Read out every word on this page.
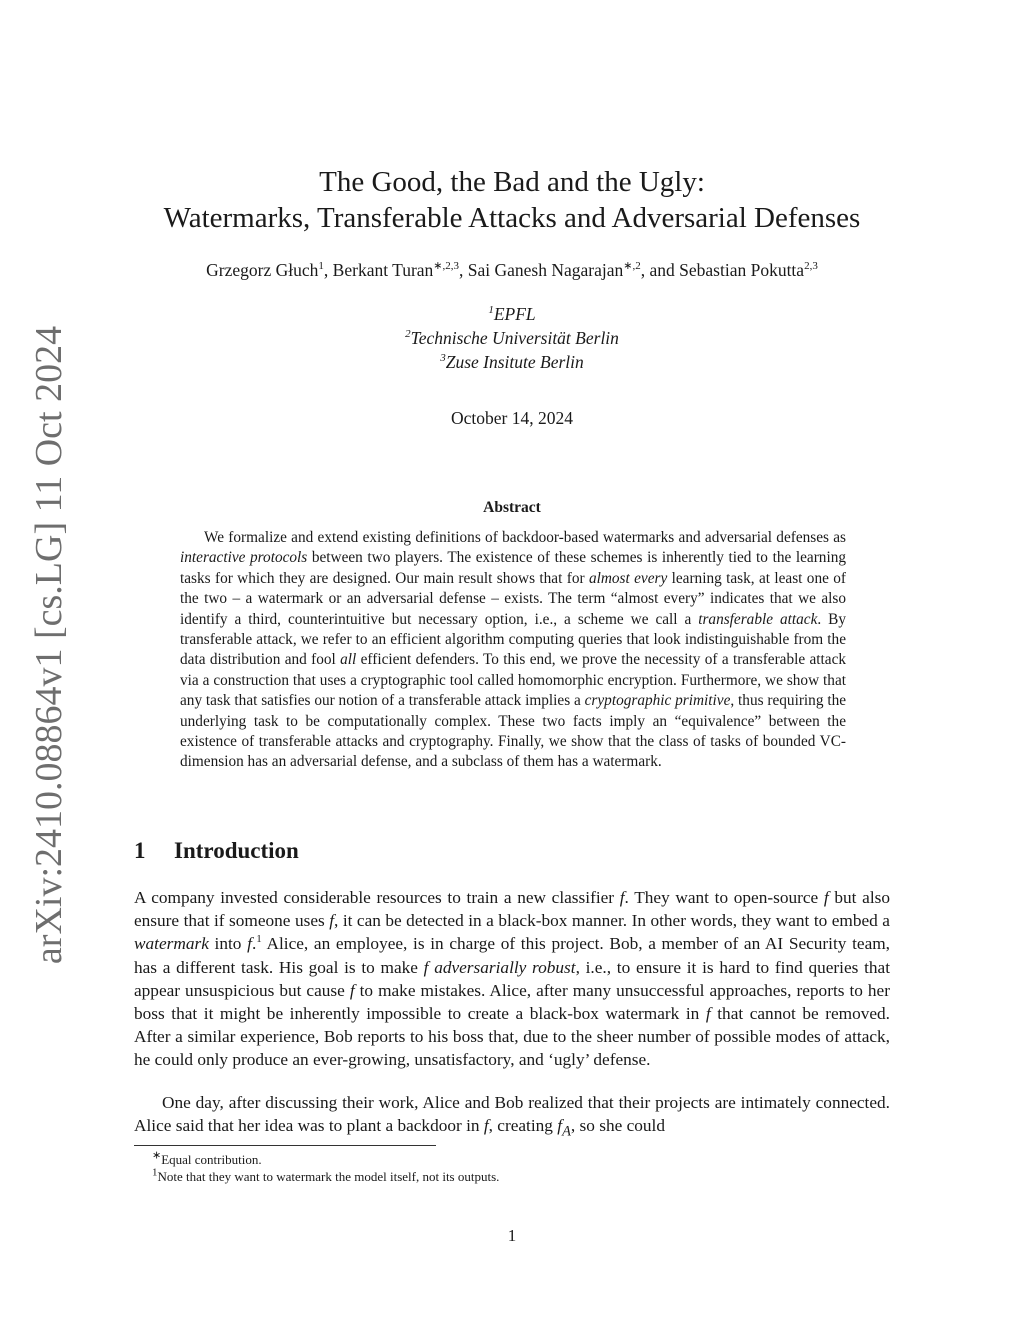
arXiv:2410.08864v1 [cs.LG] 11 Oct 2024
The Good, the Bad and the Ugly:
Watermarks, Transferable Attacks and Adversarial Defenses
Grzegorz Głuch$^1$, Berkant Turan$^{∗,2,3}$, Sai Ganesh Nagarajan$^{∗,2}$, and Sebastian Pokutta$^{2,3}$
$^1$EPFL
$^2$Technische Universität Berlin
$^3$Zuse Insitute Berlin
October 14, 2024
Abstract

We formalize and extend existing definitions of backdoor-based watermarks and adversarial defenses as interactive protocols between two players. The existence of these schemes is inherently tied to the learning tasks for which they are designed. Our main result shows that for almost every learning task, at least one of the two – a watermark or an adversarial defense – exists. The term “almost every” indicates that we also identify a third, counterintuitive but necessary option, i.e., a scheme we call a transferable attack. By transferable attack, we refer to an efficient algorithm computing queries that look indistinguishable from the data distribution and fool all efficient defenders. To this end, we prove the necessity of a transferable attack via a construction that uses a cryptographic tool called homomorphic encryption. Furthermore, we show that any task that satisfies our notion of a transferable attack implies a cryptographic primitive, thus requiring the underlying task to be computationally complex. These two facts imply an “equivalence” between the existence of transferable attacks and cryptography. Finally, we show that the class of tasks of bounded VC-dimension has an adversarial defense, and a subclass of them has a watermark.

1 Introduction

A company invested considerable resources to train a new classifier f. They want to open-source f but also ensure that if someone uses f, it can be detected in a black-box manner. In other words, they want to embed a watermark into f.$^1$ Alice, an employee, is in charge of this project. Bob, a member of an AI Security team, has a different task. His goal is to make f adversarially robust, i.e., to ensure it is hard to find queries that appear unsuspicious but cause f to make mistakes. Alice, after many unsuccessful approaches, reports to her boss that it might be inherently impossible to create a black-box watermark in f that cannot be removed. After a similar experience, Bob reports to his boss that, due to the sheer number of possible modes of attack, he could only produce an ever-growing, unsatisfactory, and ‘ugly’ defense.

One day, after discussing their work, Alice and Bob realized that their projects are intimately connected. Alice said that her idea was to plant a backdoor in f, creating $f_A$, so she could

∗Equal contribution.
$^1$Note that they want to watermark the model itself, not its outputs.
1
